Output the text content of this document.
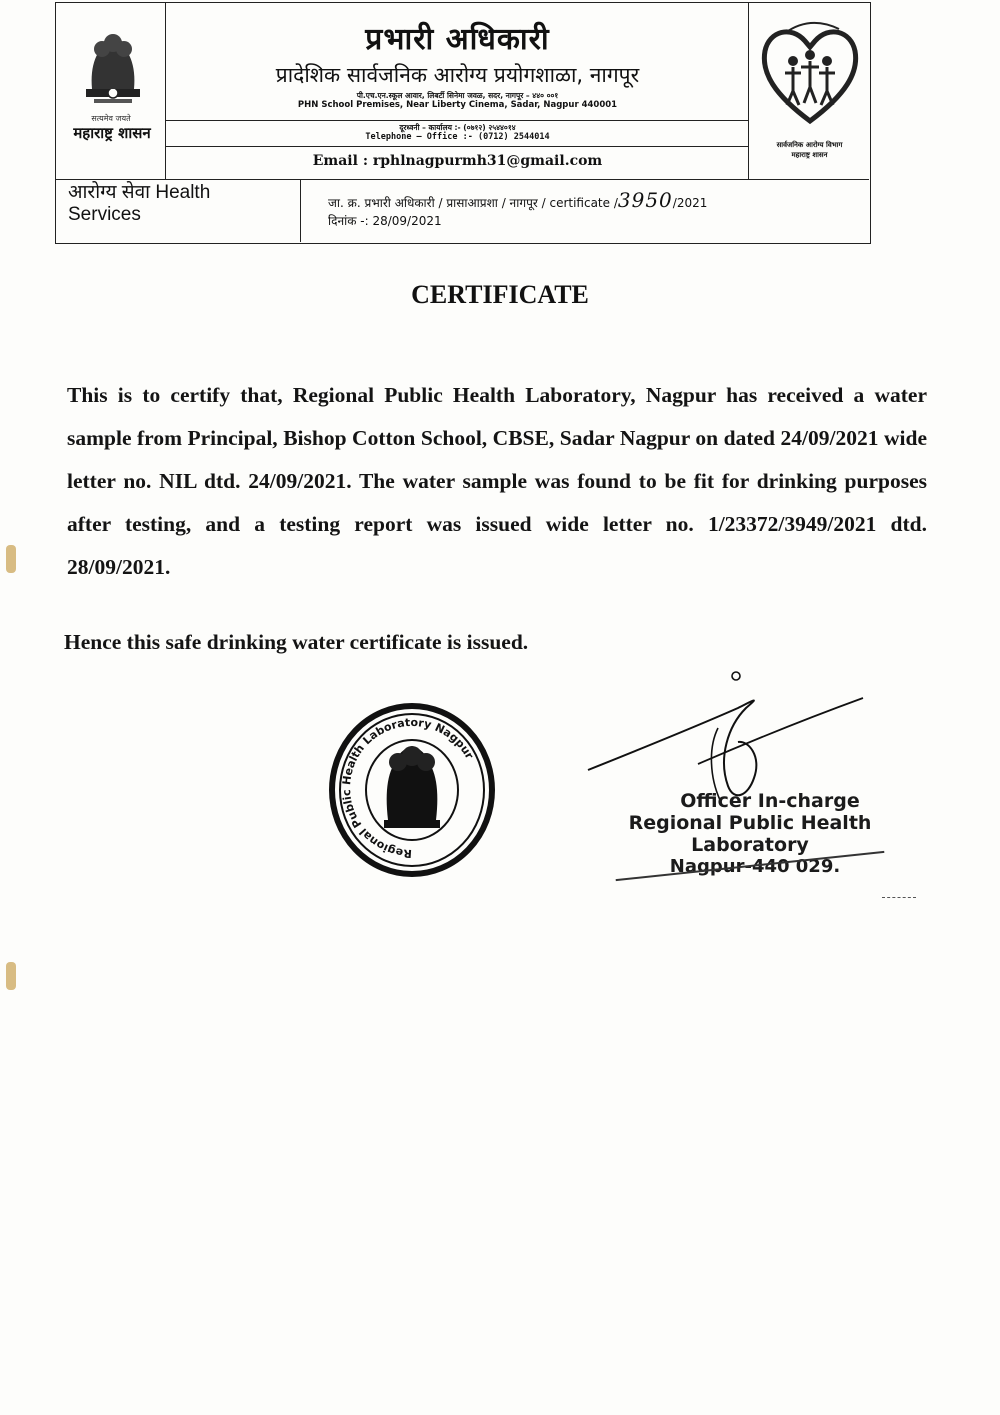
सत्यमेव जयते
महाराष्ट्र शासन
प्रभारी अधिकारी
प्रादेशिक सार्वजनिक आरोग्य प्रयोगशाळा, नागपूर
पी.एच.एन.स्कूल आवार, लिबर्टी सिनेमा जवळ, सदर, नागपूर – ४४० ००१
PHN School Premises, Near Liberty Cinema, Sadar, Nagpur 440001
दूरध्वनी – कार्यालय :- (०७१२) २५४४०१४
Telephone – Office :- (0712) 2544014
Email : rphlnagpurmh31@gmail.com
सार्वजनिक आरोग्य विभाग
महाराष्ट्र शासन
आरोग्य सेवा Health Services
जा. क्र. प्रभारी अधिकारी / प्रासाआप्रशा / नागपूर / certificate /3950/2021
दिनांक -: 28/09/2021
CERTIFICATE
This is to certify that, Regional Public Health Laboratory, Nagpur has received a water sample from Principal, Bishop Cotton School, CBSE, Sadar Nagpur on dated 24/09/2021 wide letter no. NIL dtd. 24/09/2021. The water sample was found to be fit for drinking purposes after testing, and a testing report was issued wide letter no. 1/23372/3949/2021 dtd. 28/09/2021.
Hence this safe drinking water certificate is issued.
Regional Public Health Laboratory Nagpur
Officer In-charge
Regional Public Health Laboratory
Nagpur-440 029.
